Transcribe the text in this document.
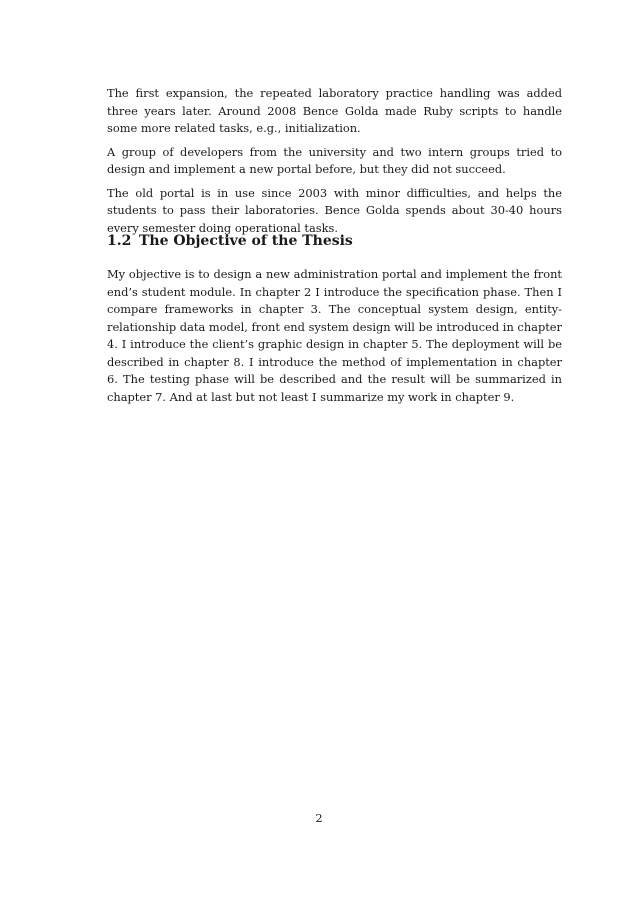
The first expansion, the repeated laboratory practice handling was added three years later. Around 2008 Bence Golda made Ruby scripts to handle some more related tasks, e.g., initialization.

A group of developers from the university and two intern groups tried to design and implement a new portal before, but they did not succeed.

The old portal is in use since 2003 with minor difficulties, and helps the students to pass their laboratories. Bence Golda spends about 30-40 hours every semester doing operational tasks.

1.2 The Objective of the Thesis

My objective is to design a new administration portal and implement the front end’s student module. In chapter 2 I introduce the specification phase. Then I compare frameworks in chapter 3. The conceptual system design, entity-relationship data model, front end system design will be introduced in chapter 4. I introduce the client’s graphic design in chapter 5. The deployment will be described in chapter 8. I introduce the method of implementation in chapter 6. The testing phase will be described and the result will be summarized in chapter 7. And at last but not least I summarize my work in chapter 9.

2
